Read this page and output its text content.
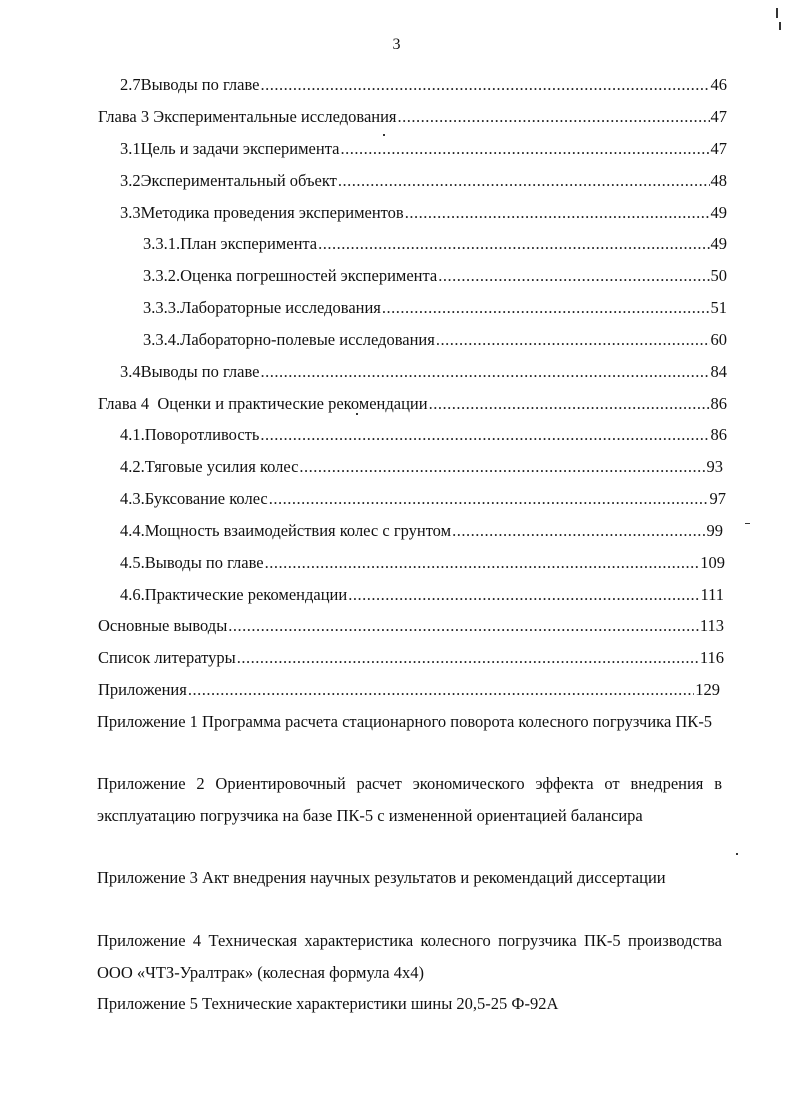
3
2.7 Выводы по главе .....	46
Глава 3 Экспериментальные исследования .....	47
3.1 Цель и задачи эксперимента .....	47
3.2 Экспериментальный объект .....	48
3.3 Методика проведения экспериментов .....	49
3.3.1. План эксперимента .....	49
3.3.2. Оценка погрешностей эксперимента .....	50
3.3.3. Лабораторные исследования .....	51
3.3.4. Лабораторно-полевые исследования .....	60
3.4 Выводы по главе .....	84
Глава 4  Оценки и практические рекомендации .....	86
4.1. Поворотливость .....	86
4.2. Тяговые усилия колес .....	93
4.3. Буксование колес .....	97
4.4. Мощность взаимодействия колес с грунтом .....	99
4.5. Выводы по главе .....	109
4.6. Практические рекомендации .....	111
Основные выводы .....	113
Список литературы .....	116
Приложения .....	129
Приложение 1 Программа расчета стационарного поворота колесного погрузчика ПК-5
Приложение 2 Ориентировочный расчет экономического эффекта от внедрения в эксплуатацию погрузчика на базе ПК-5 с измененной ориентацией балансира
Приложение 3 Акт внедрения научных результатов и рекомендаций диссертации
Приложение 4 Техническая характеристика колесного погрузчика ПК-5 производства ООО «ЧТЗ-Уралтрак» (колесная формула 4х4)
Приложение 5 Технические характеристики шины 20,5-25 Ф-92А
